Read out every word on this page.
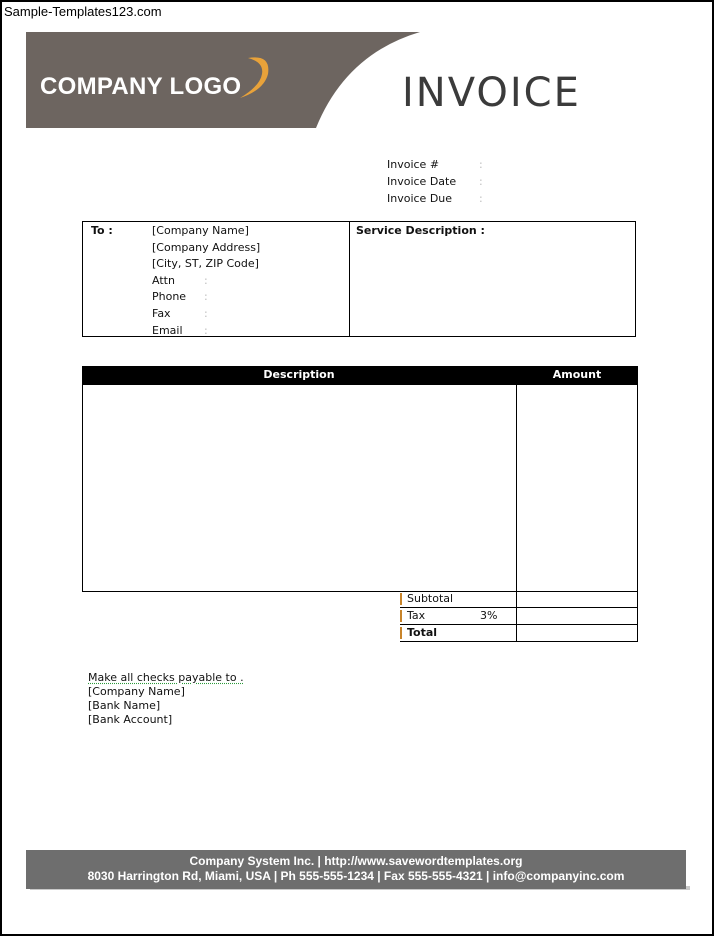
Sample-Templates123.com
COMPANY LOGO	INVOICE
Invoice #	:
Invoice Date :
Invoice Due :
To :	[Company Name]
[Company Address]
[City, ST, ZIP Code]
Attn	:
Phone :
Fax	:
Email :
Service Description :
Description	Amount
Subtotal
Tax	3%
Total
Make all checks payable to .
[Company Name]
[Bank Name]
[Bank Account]
Company System Inc. | http://www.savewordtemplates.org
8030 Harrington Rd, Miami, USA | Ph 555-555-1234 | Fax 555-555-4321 | info@companyinc.com
